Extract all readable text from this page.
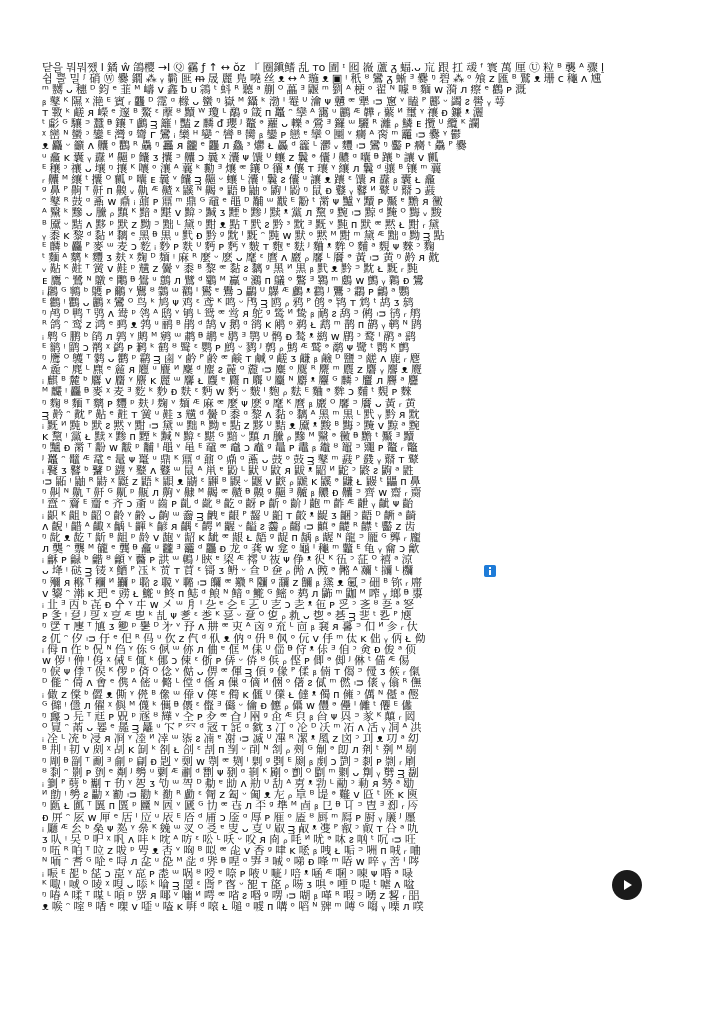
닫을 뭐뭐쨌 l 鐍 ŵ 鴿樱 →I Ⓠ 靍 ƒ ↑ ↔ ŏz 『 圈鎭鳍 乱 ᴛᴏ 圊 ᶦ 囮 嶶 蘆 ᵹ 蝠.ᴗ 巟 跟 扛 叆 ᶠ 寰 萬 厘 Ⓤ 粒 ᴮ 襲 ᴬ 骤 ḽ
쉼 뿔 밀 ᶴ 硝 Ⓦ 爨 鐗 ⁂ ᵧ 鬎 匨 ᵯ 晟 麗 鳬 嘵 丝 ᴥ ↔ ᴬ 㻢 ᴥ ▣ ᵎ 秖 ᴽ 鸞 ᵹ 蜥 ᴲ 爨 ᵑ 碧 ⁂ ᵒ 飧 ᴢ 匯 ᴮ 鷲 ᴥ 珊 ᴄ 龝 ᴧ 尰
ᵐ 嬲 ᴗ 穗 ᴰ 鈞 ᵉ 韮 ᴹ 嶹 ᴠ 鑫 ᵬ ᴜ 鶎 ᵗ 蚪 ᴿ 聽 ᵃ 蒯 ᴼ 藟 ᴲ 鼴 ᵐ 劉 ᴬ 梗 ᵒ 翟 ᴺ 噱 ᴮ 麵 ᴡ 漪 ᴫ 瘵 ᵉ 鸛 ᴩ 溉
ᵦ 鼕 ᴷ 隰 ᵡ 滟 ᴱ 賓 ᵣ 龘 ᴰ 霪 ᵅ 橼 ᴗ 蠻 ᵑ 嶽 ᴹ 鑷 ᵏ 渤 ᴵ 罨 ᵁ 瀹 ᴪ 戇 ᵆ 犟 ᴞ 窻 ᵛ 瞌 ᴾ 酈 ᵕ 蠲 ᴤ 嚳 ᵧ 萼
ᴛ 斁 ᵏ 鹺 ᴙ 嶸 ᵉ 邃 ᴮ 鰲 ᵋ 藦 ᴽ 黷 ᵂ 瓊 ᴸ 鷸 ᵍ 箴 ᴨ 鼉 ᵔ 孿 ᴬ 靄 ᵘ 鸝 ᴭ 韡 ᵣ 蘩 ᴻ 璽 ᵞ 禳 ᴆ 鐮 ᵜ 灑
ᵗ 虨 ᴳ 驤 ᵙ 蠶 ᴯ 鑲 ᵀ 鸕 ᴟ 籬 ᵎ 豔 ᴢ 麟 ᵭ 瓔 ᴶ 鼇 ᵊ 蘿 ᴗ 轢 ᵃ 鶯 ᴲ 鑼 ᵚ 驪 ᴿ 灕 ᵨ 鱗 ᴇ 攬 ᵁ 纜 ᴷ 讕
ᵡ 巒 ᴺ 蠻 ᵓ 鑾 ᴱ 灣 ᵍ 彎 ᴦ 鸞 ᵢ 欒 ᴴ 孌 ᵔ 曫 ᴮ 臠 ᵦ 鑾 ᴩ 戀 ᵄ 攣 ᴼ 圞 ᵛ 癵 ᴬ 脔 ᵐ 龗 ᴞ 爨 ᵞ 鬱
ᴥ 麤 ᵕ 籲 ᴧ 齉 ᵒ 鸜 ᴿ 驫 ᵑ 靐 ᴙ 龖 ᵉ 龘 ᴫ 鱻 ᵌ 爩 ᴌ 厵 ᵈ 籱 ᴸ 灪 ᵥ 麷 ᴞ 鸞 ᵑ 齾 ᴘ 癵 ᵗ 驫 ᴾ 爨
ᵘ 龕 ᴋ 囊 ᵧ 纛 ᴻ 齆 ᵖ 饢 ᴣ 攮 ᵙ 齉 ᴐ 曩 ᵡ 灢 ᴪ 馕 ᵁ 蠰 ᴢ 鬤 ᵊ 儾 ᴶ 齈 ᵅ 囔 ᴯ 躟 ᵇ 讓 ᴠ 瓤
ᴱ 穰 ᵓ 禳 ᴗ 壤 ᵑ 攘 ᴷ 嚷 ᵒ 瀼 ᴬ 蘘 ᵏ 勷 ᴲ 爙 ᵆ 鑲 ᴰ 忀 ᵜ 儴 ᴛ 瓖 ᵞ 纕 ᴫ 鬤 ᵈ 骧 ᴮ 镶 ᵐ 蘘
ᵣ 齉 ᴹ 纕 ᵗ 攮 ᴼ 瓤 ᵖ 囔 ᴇ 曩 ᵛ 饢 ᴟ 齆 ᵕ 蠰 ᴸ 灢 ᵎ 鬤 ᴤ 儾 ᵘ 讓 ᴥ 躟 ᵋ 馕 ᴙ 纛 ᵦ 囊 ᴌ 龕
ᵍ 鼻 ᴾ 齁 ᵀ 鼾 ᴨ 齅 ᵥ 鼽 ᴭ 齄 ᵡ 鼷 ᴺ 齃 ᵊ 鼯 ᴯ 鼬 ᵒ 鼩 ᴵ 鼢 ᵑ 鼠 ᴆ 鼟 ᵧ 鼛 ᴻ 鼙 ᵁ 鼘 ᴐ 鼖
ᵔ 鼕 ᴿ 鼓 ᵅ 鼒 ᴡ 鼑 ᵢ 鼐 ᴘ 鼏 ᵐ 鼎 ᴳ 黿 ᵉ 黽 ᴰ 黼 ᵚ 黻 ᴱ 黺 ᵗ 黹 ᴪ 黸 ᵞ 黷 ᴩ 黶 ᵄ 黵 ᴙ 黴
ᴬ 黳 ᵏ 黲 ᴗ 黱 ᵨ 黰 ᴷ 黯 ᵃ 黮 ᴠ 黭 ᵓ 黬 ᴣ 黫 ᵇ 黪 ᴶ 黩 ᵜ 黨 ᴫ 黧 ᵍ 黦 ᴞ 黥 ᵈ 黤 ᴼ 黣 ᵥ 黢
ᴮ 黡 ᵕ 黠 ᴧ 黟 ᵖ 默 ᴢ 黝 ᵙ 黜 ᴸ 黛 ᵑ 黚 ᴥ 點 ᵀ 黓 ᴤ 黔 ᵌ 黕 ᴲ 黖 ᵛ 黗 ᴨ 默 ᵆ 黙 ᴌ 黚 ᵣ 黛
ᵧ 黍 ᴋ 黎 ᵈ 黏 ᴻ 黐 ᵉ 黑 ᴯ 黒 ᵘ 黓 ᴆ 黔 ᵍ 黕 ᴵ 黖 ᵔ 黗 ᴡ 默 ᵒ 黙 ᴹ 黚 ᵐ 黛 ᴭ 黜 ᵅ 黝 ᴟ 點
ᴱ 麟 ᵇ 麤 ᴾ 麥 ᵚ 麦 ᴐ 麧 ᵢ 麨 ᴘ 麩 ᵁ 麪 ᴩ 麫 ᵞ 麬 ᴛ 麭 ᵄ 麮 ᴶ 麯 ᵜ 麰 ᴼ 麱 ᵃ 麲 ᴪ 麳 ᵓ 麴
ᵗ 麵 ᴬ 麶 ᵏ 麷 ᴣ 麸 ᵡ 麹 ᴰ 麺 ᵎ 麻 ᴿ 麼 ᵕ 麽 ᴗ 麾 ᵋ 麿 ᴧ 黀 ᵨ 黁 ᴸ 黂 ᵊ 黃 ᴞ 黄 ᵑ 黅 ᴙ 黆
ᵥ 黇 ᴷ 黈 ᵀ 黉 ᴠ 黊 ᵖ 黋 ᴢ 黌 ᵛ 黍 ᴮ 黎 ᵆ 黏 ᴤ 黐 ᵍ 黑 ᴻ 黒 ᵦ 黓 ᴥ 黔 ᵙ 黕 ᴌ 黖 ᵣ 黗
ᴇ 鷹 ᵔ 鷺 ᴺ 鷻 ᵉ 鷼 ᴯ 鷽 ᵘ 鷾 ᴫ 鷿 ᵈ 鸀 ᴹ 鸁 ᵅ 鸂 ᴨ 鸃 ᵒ 鸄 ᴲ 鸅 ᵐ 鸆 ᴡ 鸇 ᵧ 鸈 ᴆ 鸉
ᵢ 鸊 ᴳ 鸋 ᵇ 鸌 ᴘ 鸍 ᵞ 鸎 ᴽ 鸏 ᵚ 鸐 ᴵ 鸑 ᵄ 鸒 ᴐ 鸓 ᵁ 鸔 ᴭ 鸕 ᵜ 鸖 ᴶ 鸗 ᵓ 鸘 ᴩ 鸙 ᵃ 鸚
ᴱ 鸛 ᵎ 鸜 ᴗ 鸝 ᵡ 鸞 ᴼ 鸟 ᵏ 鸠 ᴪ 鸡 ᵋ 鸢 ᴷ 鸣 ᵕ 鸤 ᴟ 鸥 ᵨ 鸦 ᴾ 鸧 ᵊ 鸨 ᴛ 鸩 ᵗ 鸪 ᴣ 鸫
ᵑ 鸬 ᴰ 鸭 ᵀ 鸮 ᴧ 鸯 ᵖ 鸰 ᴬ 鸱 ᵛ 鸲 ᴸ 鸳 ᵆ 鸴 ᴙ 鸵 ᵍ 鸶 ᴻ 鸷 ᵦ 鸸 ᴤ 鸹 ᵙ 鸺 ᴞ 鸻 ᵣ 鸼
ᴿ 鸽 ᵔ 鸾 ᴢ 鸿 ᵉ 鹀 ᴥ 鹁 ᵘ 鹂 ᴮ 鹃 ᵈ 鹄 ᴠ 鹅 ᵅ 鹆 ᴋ 鹇 ᵒ 鹈 ᴌ 鹉 ᵐ 鹊 ᴨ 鹋 ᵧ 鹌 ᴺ 鹍
ᵢ 鹎 ᴳ 鹏 ᵇ 鹐 ᴫ 鹑 ᵞ 鹒 ᴹ 鹓 ᵚ 鹔 ᴯ 鹕 ᵄ 鹖 ᴲ 鹗 ᵁ 鹘 ᴆ 鹙 ᵜ 鹚 ᴡ 鹛 ᵓ 鹜 ᴵ 鹝 ᵃ 鹞
ᴱ 鹟 ᵎ 鹠 ᴐ 鹡 ᵡ 鹢 ᴘ 鹣 ᵏ 鹤 ᴽ 鹥 ᵋ 鹦 ᴩ 鹧 ᵕ 鹨 ᴶ 鹩 ᵨ 鹪 ᴭ 鹫 ᵊ 鹬 ᴪ 鹭 ᵗ 鹮 ᴷ 鹯
ᵑ 鹰 ᴼ 鹱 ᵀ 鹲 ᴗ 鹳 ᵖ 鹴 ᴟ 鹵 ᵛ 鹶 ᴾ 鹷 ᵆ 鹸 ᴛ 鹹 ᵍ 鹺 ᴣ 鹻 ᵦ 鹼 ᴰ 鹽 ᵙ 鹾 ᴧ 鹿 ᵣ 麀
ᴬ 麁 ᵔ 麂 ᴸ 麃 ᵉ 麄 ᴙ 麅 ᵘ 麆 ᴻ 麇 ᵈ 麈 ᴤ 麉 ᵅ 麊 ᴞ 麋 ᵒ 麌 ᴿ 麍 ᵐ 麎 ᴢ 麏 ᵧ 麐 ᴥ 麑
ᵢ 麒 ᴮ 麓 ᵇ 麔 ᴠ 麕 ᵞ 麖 ᴋ 麗 ᵚ 麘 ᴌ 麙 ᵄ 麚 ᴨ 麛 ᵁ 麜 ᴺ 麝 ᵜ 麞 ᴳ 麟 ᵓ 麠 ᴫ 麡 ᵃ 麢
ᴹ 麣 ᵎ 麤 ᴯ 麥 ᵡ 麦 ᴲ 麧 ᵏ 麨 ᴆ 麩 ᵋ 麪 ᴡ 麫 ᵕ 麬 ᴵ 麭 ᵨ 麮 ᴱ 麯 ᵊ 麰 ᴐ 麱 ᵗ 麲 ᴘ 麳
ᵑ 麴 ᴽ 麵 ᵀ 麶 ᴩ 麷 ᵖ 麸 ᴶ 麹 ᵛ 麺 ᴭ 麻 ᵆ 麼 ᴪ 麽 ᵍ 麾 ᴷ 麿 ᵦ 黀 ᴼ 黁 ᵙ 黂 ᴗ 黃 ᵣ 黄
ᴟ 黅 ᵔ 黆 ᴾ 黇 ᵉ 黈 ᴛ 黉 ᵘ 黊 ᴣ 黋 ᵈ 黌 ᴰ 黍 ᵅ 黎 ᴧ 黏 ᵒ 黐 ᴬ 黑 ᵐ 黒 ᴸ 黓 ᵧ 黔 ᴙ 黕
ᵢ 黖 ᴻ 黗 ᵇ 默 ᴤ 黙 ᵞ 黚 ᴞ 黛 ᵚ 黜 ᴿ 黝 ᵄ 點 ᴢ 黟 ᵁ 黠 ᴥ 黡 ᵜ 黢 ᴮ 黣 ᵓ 黤 ᴠ 黥 ᵃ 黦
ᴋ 黧 ᵎ 黨 ᴌ 黩 ᵡ 黪 ᴨ 黫 ᵏ 黬 ᴺ 黭 ᵋ 黮 ᴳ 黯 ᵕ 黰 ᴫ 黱 ᵨ 黲 ᴹ 黳 ᵊ 黴 ᴯ 黵 ᵗ 黶 ᴲ 黷
ᵑ 黸 ᴆ 黹 ᵀ 黺 ᴡ 黻 ᵖ 黼 ᴵ 黽 ᵛ 黾 ᴱ 黿 ᵆ 鼀 ᴐ 鼁 ᵍ 鼂 ᴘ 鼃 ᵦ 鼄 ᴽ 鼅 ᵙ 鼆 ᴩ 鼇 ᵣ 鼈
ᴶ 鼉 ᵔ 鼊 ᴭ 鼋 ᵉ 鼌 ᴪ 鼍 ᵘ 鼎 ᴷ 鼏 ᵈ 鼐 ᴼ 鼑 ᵅ 鼒 ᴗ 鼓 ᵒ 鼔 ᴟ 鼕 ᵐ 鼖 ᴾ 鼗 ᵧ 鼘 ᴛ 鼙
ᵢ 鼚 ᴣ 鼛 ᵇ 鼜 ᴰ 鼝 ᵞ 鼞 ᴧ 鼟 ᵚ 鼠 ᴬ 鼡 ᵄ 鼢 ᴸ 鼣 ᵁ 鼤 ᴙ 鼥 ᵜ 鼦 ᴻ 鼧 ᵓ 鼨 ᴤ 鼩 ᵃ 鼪
ᴞ 鼫 ᵎ 鼬 ᴿ 鼭 ᵡ 鼮 ᴢ 鼯 ᵏ 鼰 ᴥ 鼱 ᵋ 鼲 ᴮ 鼳 ᵕ 鼴 ᴠ 鼵 ᵨ 鼶 ᴋ 鼷 ᵊ 鼸 ᴌ 鼹 ᵗ 鼺 ᴨ 鼻
ᵑ 鼼 ᴺ 鼽 ᵀ 鼾 ᴳ 鼿 ᵖ 齀 ᴫ 齁 ᵛ 齂 ᴹ 齃 ᵆ 齄 ᴯ 齅 ᵍ 齆 ᴲ 齇 ᵦ 齈 ᴆ 齉 ᵙ 齊 ᴡ 齋 ᵣ 齌
ᴵ 齍 ᵔ 齎 ᴱ 齏 ᵉ 齐 ᴐ 齑 ᵘ 齒 ᴘ 齓 ᵈ 齔 ᴽ 齕 ᵅ 齖 ᴩ 齗 ᵒ 齘 ᴶ 齙 ᵐ 齚 ᴭ 齛 ᵧ 齜 ᴪ 齝
ᵢ 齞 ᴷ 齟 ᵇ 齠 ᴼ 齡 ᵞ 齢 ᴗ 齣 ᵚ 齤 ᴟ 齥 ᵄ 齦 ᴾ 齧 ᵁ 齨 ᴛ 齩 ᵜ 齪 ᴣ 齫 ᵓ 齬 ᴰ 齭 ᵃ 齮
ᴧ 齯 ᵎ 齰 ᴬ 齱 ᵡ 齲 ᴸ 齳 ᵏ 齴 ᴙ 齵 ᵋ 齶 ᴻ 齷 ᵕ 齸 ᴤ 齹 ᵨ 齺 ᴞ 齻 ᵊ 齼 ᴿ 齽 ᵗ 齾 ᴢ 齿
ᵑ 龀 ᴥ 龁 ᵀ 龂 ᴮ 龃 ᵖ 龄 ᴠ 龅 ᵛ 龆 ᴋ 龇 ᵆ 龈 ᴌ 龉 ᵍ 龊 ᴨ 龋 ᵦ 龌 ᴺ 龍 ᵙ 龎 ᴳ 龏 ᵣ 龐
ᴫ 龑 ᵔ 龒 ᴹ 龓 ᵉ 龔 ᴯ 龕 ᵘ 龖 ᴲ 龗 ᵈ 龘 ᴆ 龙 ᵅ 龚 ᴡ 龛 ᵒ 龜 ᴵ 龝 ᵐ 龞 ᴱ 龟 ᵧ 龠 ᴐ 龡
ᵢ 龢 ᴘ 龣 ᵇ 龤 ᴽ 龥 ᵞ 鿀 ᴩ 鿁 ᵚ 鿂 ᴶ 鿃 ᵄ 鿄 ᴭ 鿅 ᵁ 鿆 ᴪ 鿇 ᵜ 鿈 ᴷ 鿉 ᵓ 鿊 ᴼ 鿋 ᵃ 鿌
ᴗ 鿍 ᵎ 鿎 ᴟ 鿏 ᵡ 鿐 ᴾ 鿑 ᵏ 鿒 ᴛ 鿓 ᵋ 鿔 ᴣ 鿕 ᵕ 鿖 ᴰ 鿗 ᵨ 鿘 ᴧ 鿙 ᵊ 鿚 ᴬ 鿛 ᵗ 鿜 ᴸ 鿝
ᵑ 鿞 ᴙ 鿟 ᵀ 鿠 ᴻ 鿡 ᵖ 鿢 ᴤ 鿣 ᵛ 鿤 ᴞ 鿥 ᵆ 鿦 ᴿ 鿧 ᵍ 鿨 ᴢ 鿩 ᵦ 鿪 ᴥ 鿫 ᵙ 鿬 ᴮ 鿭 ᵣ 鿮
ᴠ 鿯 ᵔ 鿰 ᴋ 鿱 ᵉ 鿲 ᴌ 鿳 ᵘ 鿴 ᴨ 鿵 ᵈ 鿶 ᴺ 鿷 ᵅ 鿸 ᴳ 鿹 ᵒ 鿺 ᴫ 鿻 ᵐ 鿼 ᴹ 鿽 ᵧ 鿾 ᴯ 鿿
ᵢ 㐀 ᴲ 㐁 ᵇ 㐂 ᴆ 㐃 ᵞ 㐄 ᴡ 㐅 ᵚ 㐆 ᴵ 㐇 ᵄ 㐈 ᴱ 㐉 ᵁ 㐊 ᴐ 㐋 ᵜ 㐌 ᴘ 㐍 ᵓ 㐎 ᴽ 㐏 ᵃ 㐐
ᴩ 㐑 ᵎ 㐒 ᴶ 㐓 ᵡ 㐔 ᴭ 㐕 ᵏ 㐖 ᴪ 㐗 ᵋ 㐘 ᴷ 㐙 ᵕ 㐚 ᴼ 㐛 ᵨ 㐜 ᴗ 㐝 ᵊ 㐞 ᴟ 㐟 ᵗ 㐠 ᴾ 㐡
ᵑ 㐢 ᴛ 㐣 ᵀ 㐤 ᴣ 㐥 ᵖ 㐦 ᴰ 㐧 ᵛ 㐨 ᴧ 㐩 ᵆ 㐪 ᴬ 㐫 ᵍ 㐬 ᴸ 㐭 ᵦ 㐮 ᴙ 㐯 ᵙ 㐰 ᴻ 㐱 ᵣ 㐲
ᴤ 㐳 ᵔ 㐴 ᴞ 㐵 ᵉ 㐶 ᴿ 㐷 ᵘ 㐸 ᴢ 㐹 ᵈ 㐺 ᴥ 㐻 ᵅ 㐼 ᴮ 㐽 ᵒ 㐾 ᴠ 㐿 ᵐ 㑀 ᴋ 㑁 ᵧ 㑂 ᴌ 㑃
ᵢ 㑄 ᴨ 㑅 ᵇ 㑆 ᴺ 㑇 ᵞ 㑈 ᴳ 㑉 ᵚ 㑊 ᴫ 㑋 ᵄ 㑌 ᴹ 㑍 ᵁ 㑎 ᴯ 㑏 ᵜ 㑐 ᴲ 㑑 ᵓ 㑒 ᴆ 㑓 ᵃ 㑔
ᴡ 㑕 ᵎ 㑖 ᴵ 㑗 ᵡ 㑘 ᴱ 㑙 ᵏ 㑚 ᴐ 㑛 ᵋ 㑜 ᴘ 㑝 ᵕ 㑞 ᴽ 㑟 ᵨ 㑠 ᴩ 㑡 ᵊ 㑢 ᴶ 㑣 ᵗ 㑤 ᴭ 㑥
ᵑ 㑦 ᴪ 㑧 ᵀ 㑨 ᴷ 㑩 ᵖ 㑪 ᴼ 㑫 ᵛ 㑬 ᴗ 㑭 ᵆ 㑮 ᴟ 㑯 ᵍ 㑰 ᴾ 㑱 ᵦ 㑲 ᴛ 㑳 ᵙ 㑴 ᴣ 㑵 ᵣ 㑶
ᴰ 㑷 ᵔ 㑸 ᴧ 㑹 ᵉ 㑺 ᴬ 㑻 ᵘ 㑼 ᴸ 㑽 ᵈ 㑾 ᴙ 㑿 ᵅ 㒀 ᴻ 㒁 ᵒ 㒂 ᴤ 㒃 ᵐ 㒄 ᴞ 㒅 ᵧ 㒆 ᴿ 㒇
ᵢ 㒈 ᴢ 㒉 ᵇ 㒊 ᴥ 㒋 ᵞ 㒌 ᴮ 㒍 ᵚ 㒎 ᴠ 㒏 ᵄ 㒐 ᴋ 㒑 ᵁ 㒒 ᴌ 㒓 ᵜ 㒔 ᴨ 㒕 ᵓ 㒖 ᴺ 㒗 ᵃ 㒘
ᴳ 㒙 ᵎ 㒚 ᴫ 㒛 ᵡ 㒜 ᴹ 㒝 ᵏ 㒞 ᴯ 㒟 ᵋ 㒠 ᴲ 㒡 ᵕ 㒢 ᴆ 㒣 ᵨ 㒤 ᴡ 㒥 ᵊ 㒦 ᴵ 㒧 ᵗ 㒨 ᴱ 㒩
ᵑ 㒪 ᴐ 㒫 ᵀ 㒬 ᴘ 㒭 ᵖ 㒮 ᴽ 㒯 ᵛ 㒰 ᴩ 㒱 ᵆ 㒲 ᴶ 㒳 ᵍ 㒴 ᴭ 㒵 ᵦ 㒶 ᴪ 㒷 ᵙ 㒸 ᴷ 㒹 ᵣ 㒺
ᴼ 㒻 ᵔ 㒼 ᴗ 㒽 ᵉ 㒾 ᴟ 㒿 ᵘ 㓀 ᴾ 㓁 ᵈ 㓂 ᴛ 㓃 ᵅ 㓄 ᴣ 㓅 ᵒ 㓆 ᴰ 㓇 ᵐ 㓈 ᴧ 㓉 ᵧ 㓊 ᴬ 㓋
ᵢ 㓌 ᴸ 㓍 ᵇ 㓎 ᴙ 㓏 ᵞ 㓐 ᴻ 㓑 ᵚ 㓒 ᴤ 㓓 ᵄ 㓔 ᴞ 㓕 ᵁ 㓖 ᴿ 㓗 ᵜ 㓘 ᴢ 㓙 ᵓ 㓚 ᴥ 㓛 ᵃ 㓜
ᴮ 㓝 ᵎ 㓞 ᴠ 㓟 ᵡ 㓠 ᴋ 㓡 ᵏ 㓢 ᴌ 㓣 ᵋ 㓤 ᴨ 㓥 ᵕ 㓦 ᴺ 㓧 ᵨ 㓨 ᴳ 㓩 ᵊ 㓪 ᴫ 㓫 ᵗ 㓬 ᴹ 㓭
ᵑ 㓮 ᴯ 㓯 ᵀ 㓰 ᴲ 㓱 ᵖ 㓲 ᴆ 㓳 ᵛ 㓴 ᴡ 㓵 ᵆ 㓶 ᴵ 㓷 ᵍ 㓸 ᴱ 㓹 ᵦ 㓺 ᴐ 㓻 ᵙ 㓼 ᴘ 㓽 ᵣ 㓾
ᴽ 㓿 ᵔ 㔀 ᴩ 㔁 ᵉ 㔂 ᴶ 㔃 ᵘ 㔄 ᴭ 㔅 ᵈ 㔆 ᴪ 㔇 ᵅ 㔈 ᴷ 㔉 ᵒ 㔊 ᴼ 㔋 ᵐ 㔌 ᴗ 㔍 ᵧ 㔎 ᴟ 㔏
ᵢ 㔐 ᴾ 㔑 ᵇ 㔒 ᴛ 㔓 ᵞ 㔔 ᴣ 㔕 ᵚ 㔖 ᴰ 㔗 ᵄ 㔘 ᴧ 㔙 ᵁ 㔚 ᴬ 㔛 ᵜ 㔜 ᴸ 㔝 ᵓ 㔞 ᴙ 㔟 ᵃ 㔠
ᴻ 㔡 ᵎ 㔢 ᴤ 㔣 ᵡ 㔤 ᴞ 㔥 ᵏ 㔦 ᴿ 㔧 ᵋ 㔨 ᴢ 㔩 ᵕ 㔪 ᴥ 㔫 ᵨ 㔬 ᴮ 㔭 ᵊ 㔮 ᴠ 㔯 ᵗ 㔰 ᴋ 㔱
ᵑ 㔲 ᴌ 㔳 ᵀ 㔴 ᴨ 㔵 ᵖ 㔶 ᴺ 㔷 ᵛ 㔸 ᴳ 㔹 ᵆ 㔺 ᴫ 㔻 ᵍ 㔼 ᴹ 㔽 ᵦ 㔾 ᴯ 㔿 ᵙ 㕀 ᴲ 㕁 ᵣ 㕂
ᴆ 㕃 ᵔ 㕄 ᴡ 㕅 ᵉ 㕆 ᴵ 㕇 ᵘ 㕈 ᴱ 㕉 ᵈ 㕊 ᴐ 㕋 ᵅ 㕌 ᴘ 㕍 ᵒ 㕎 ᴽ 㕏 ᵐ 㕐 ᴩ 㕑 ᵧ 㕒 ᴶ 㕓
ᵢ 㕔 ᴭ 㕕 ᵇ 㕖 ᴪ 㕗 ᵞ 㕘 ᴷ 㕙 ᵚ 㕚 ᴼ 㕛 ᵄ 㕜 ᴗ 㕝 ᵁ 㕞 ᴟ 㕟 ᵜ 㕠 ᴾ 㕡 ᵓ 㕢 ᴛ 㕣 ᵃ 㕤
ᴣ 㕥 ᵎ 㕦 ᴰ 㕧 ᵡ 㕨 ᴧ 㕩 ᵏ 㕪 ᴬ 㕫 ᵋ 㕬 ᴸ 㕭 ᵕ 㕮 ᴙ 㕯 ᵨ 㕰 ᴻ 㕱 ᵊ 㕲 ᴤ 㕳 ᵗ 㕴 ᴞ 㕵
ᵑ 㕶 ᴿ 㕷 ᵀ 㕸 ᴢ 㕹 ᵖ 㕺 ᴥ 㕻 ᵛ 㕼 ᴮ 㕽 ᵆ 㕾 ᴠ 㕿 ᵍ 㖀 ᴋ 㖁 ᵦ 㖂 ᴌ 㖃 ᵙ 㖄 ᴨ 㖅 ᵣ 㖆
ᴺ 㖇 ᵔ 㖈 ᴳ 㖉 ᵉ 㖊 ᴫ 㖋 ᵘ 㖌 ᴹ 㖍 ᵈ 㖎 ᴯ 㖏 ᵅ 㖐 ᴲ 㖑 ᵒ 㖒 ᴆ 㖓 ᵐ 㖔 ᴡ 㖕 ᵧ 㖖 ᴵ 㖗
ᵢ 㖘 ᴱ 㖙 ᵇ 㖚 ᴐ 㖛 ᵞ 㖜 ᴘ 㖝 ᵚ 㖞 ᴽ 㖟 ᵄ 㖠 ᴩ 㖡 ᵁ 㖢 ᴶ 㖣 ᵜ 㖤 ᴭ 㖥 ᵓ 㖦 ᴪ 㖧 ᵃ 㖨
ᴷ 㖩 ᵎ 㖪 ᴼ 㖫 ᵡ 㖬 ᴗ 㖭 ᵏ 㖮 ᴟ 㖯 ᵋ 㖰 ᴾ 㖱 ᵕ 㖲 ᴛ 㖳 ᵨ 㖴 ᴣ 㖵 ᵊ 㖶 ᴰ 㖷 ᵗ 㖸 ᴧ 㖹
ᵑ 㖺 ᴬ 㖻 ᵀ 㖼 ᴸ 㖽 ᵖ 㖾 ᴙ 㖿 ᵛ 㗀 ᴻ 㗁 ᵆ 㗂 ᴤ 㗃 ᵍ 㗄 ᴞ 㗅 ᵦ 㗆 ᴿ 㗇 ᵙ 㗈 ᴢ 㗉 ᵣ 㗊
ᴥ 㗋 ᵔ 㗌 ᴮ 㗍 ᵉ 㗎 ᴠ 㗏 ᵘ 㗐 ᴋ 㗑 ᵈ 㗒 ᴌ 㗓 ᵅ 㗔 ᴨ 㗕 ᵒ 㗖 ᴺ 㗗 ᵐ 㗘 ᴳ 㗙 ᵧ 㗚 ᴫ 㗛
